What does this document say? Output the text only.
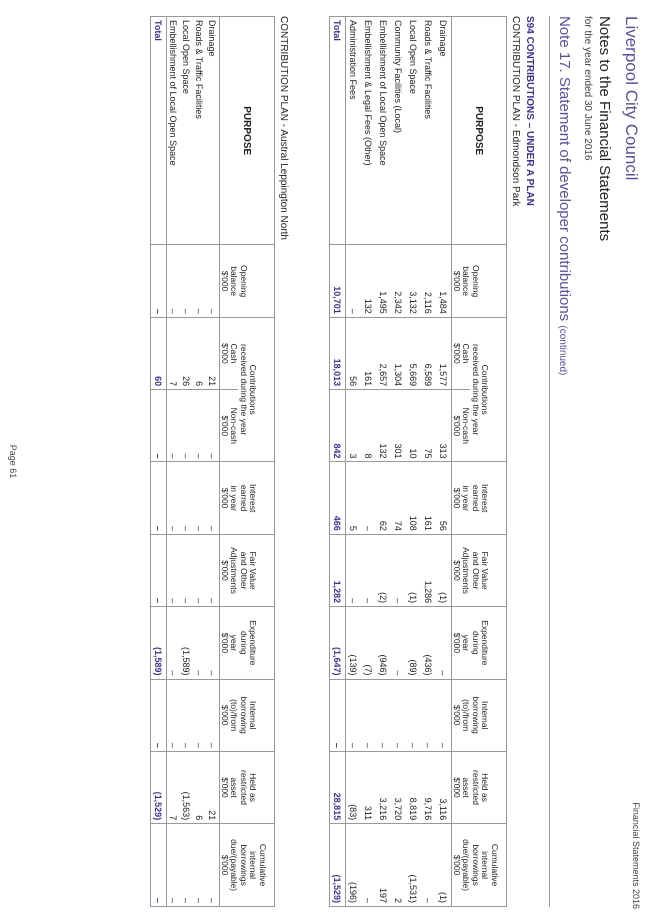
Financial Statements 2016
Liverpool City Council
Notes to the Financial Statements
for the year ended 30 June 2016
Note 17. Statement of developer contributions (continued)
S94 CONTRIBUTIONS – UNDER A PLAN
CONTRIBUTION PLAN - Edmondson Park
CONTRIBUTION PLAN - Austral Leppington North	PURPOSE	Opening
balance
$'000	Contributions
received during the year		Interest
earned
in year
$'000	Fair Value
and Other
Adjustments
$'000	Expenditure
during
year
$'000	Internal
borrowing
(to)/from
$'000	Held as
restricted
asset
$'000	Cumulative
internal
borrowings
due/(payable)
$'000
		Cash
$'000	Non-cash
$'000						
Drainage	1,484	1,577	313	56	(1)	–	–	3,116	(1)
Roads & Traffic Facilities	2,116	6,589	75	161	1,286	(436)	–	9,716	–
Local Open Space	3,132	5,669	10	108	(1)	(89)	–	8,819	(1,531)
Community Facilities (Local)	2,342	1,304	301	74	–	–	–	3,720	2
Embellishment of Local Open Space	1,495	2,657	132	62	(2)	(946)	–	3,216	197
Embellishment & Legal Fees (Other)	132	161	8	–	–	(7)	–	311	–
Administration Fees	–	56	3	5	–	(139)	–	(83)	(196)
Total	10,701	18,013	842	466	1,282	(1,647)	–	28,815	(1,529)
PURPOSE	Opening
balance
$'000	Contributions
received during the year		Interest
earned
in year
$'000	Fair Value
and Other
Adjustments
$'000	Expenditure
during
year
$'000	Internal
borrowing
(to)/from
$'000	Held as
restricted
asset
$'000	Cumulative
internal
borrowings
due/(payable)
$'000
		Cash
$'000	Non-cash
$'000						
Drainage	–	21	–	–	–	–	–	21	–
Roads & Traffic Facilities	–	6	–	–	–	–	–	6	–
Local Open Space	–	26	–	–	–	(1,589)	–	(1,563)	–
Embellishment of Local Open Space	–	7	–	–	–	–	–	7	–
Total	–	60	–	–	–	(1,589)	–	(1,529)	–
Page 61
